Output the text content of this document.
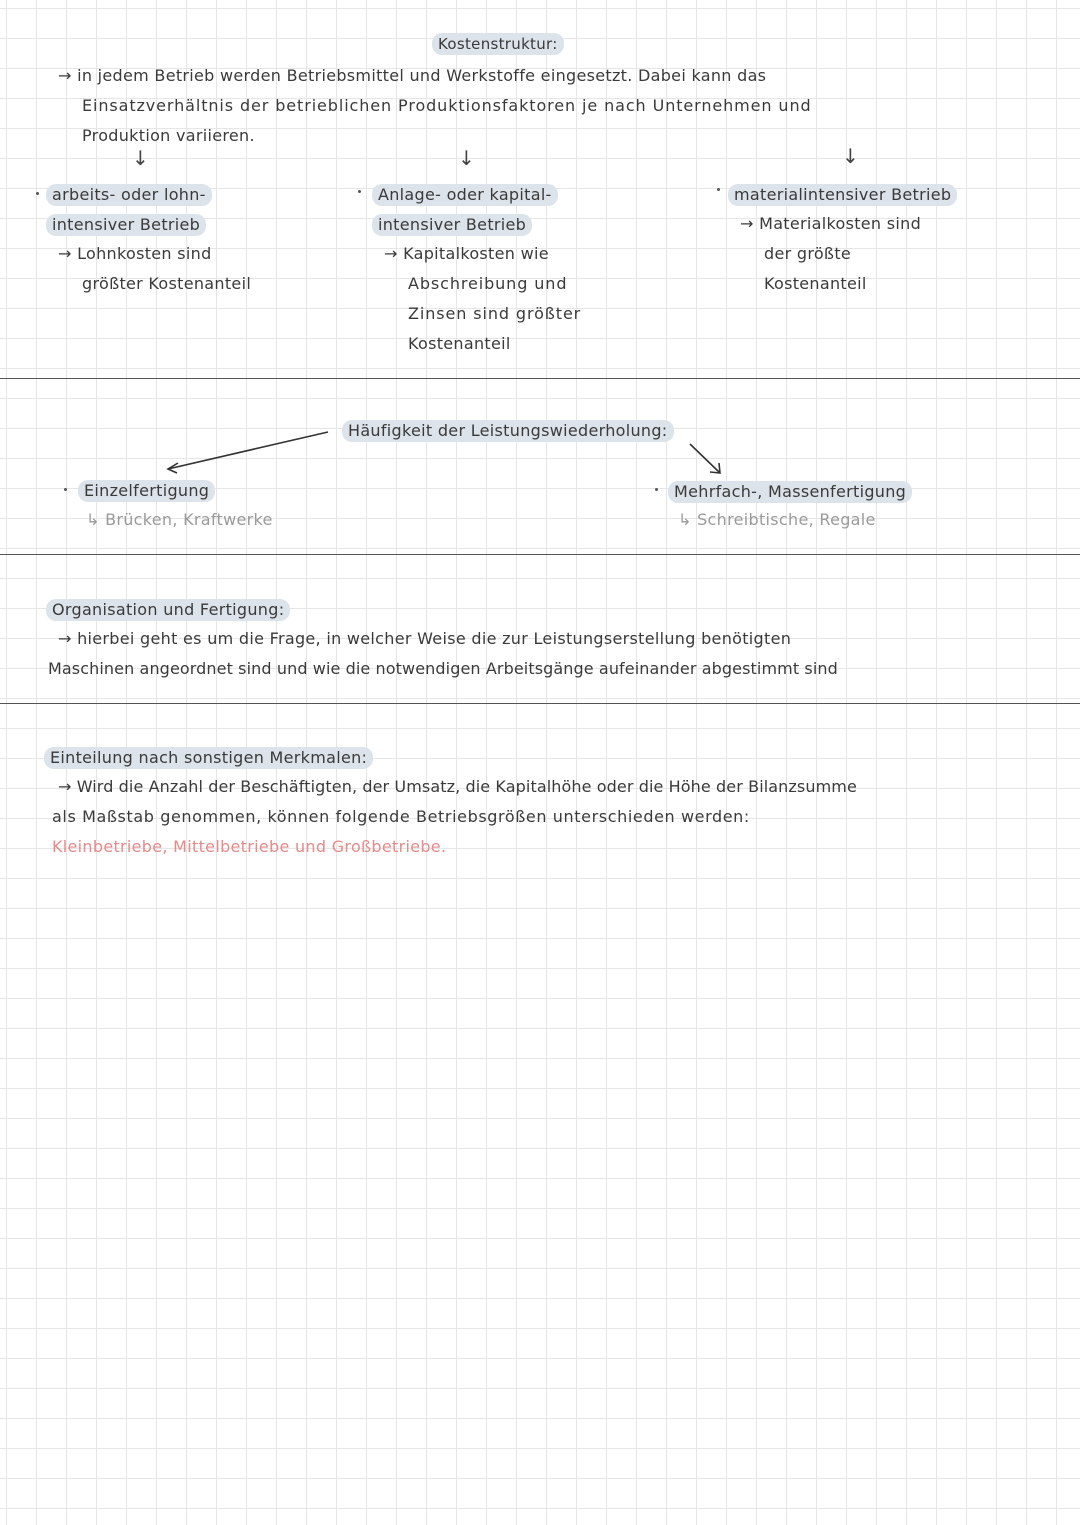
Kostenstruktur:
→ in jedem Betrieb werden Betriebsmittel und Werkstoffe eingesetzt. Dabei kann das
Einsatzverhältnis der betrieblichen Produktionsfaktoren je nach Unternehmen und
Produktion variieren.
↓	↓	↓
arbeits- oder lohn-
intensiver Betrieb
→ Lohnkosten sind
größter Kostenanteil
Anlage- oder kapital-
intensiver Betrieb
→ Kapitalkosten wie
Abschreibung und
Zinsen sind größter
Kostenanteil
materialintensiver Betrieb
→ Materialkosten sind
der größte
Kostenanteil
Häufigkeit der Leistungswiederholung:
Einzelfertigung
↳ Brücken, Kraftwerke
Mehrfach-, Massenfertigung
↳ Schreibtische, Regale
Organisation und Fertigung:
→ hierbei geht es um die Frage, in welcher Weise die zur Leistungserstellung benötigten
Maschinen angeordnet sind und wie die notwendigen Arbeitsgänge aufeinander abgestimmt sind
Einteilung nach sonstigen Merkmalen:
→ Wird die Anzahl der Beschäftigten, der Umsatz, die Kapitalhöhe oder die Höhe der Bilanzsumme
als Maßstab genommen, können folgende Betriebsgrößen unterschieden werden:
Kleinbetriebe, Mittelbetriebe und Großbetriebe.
